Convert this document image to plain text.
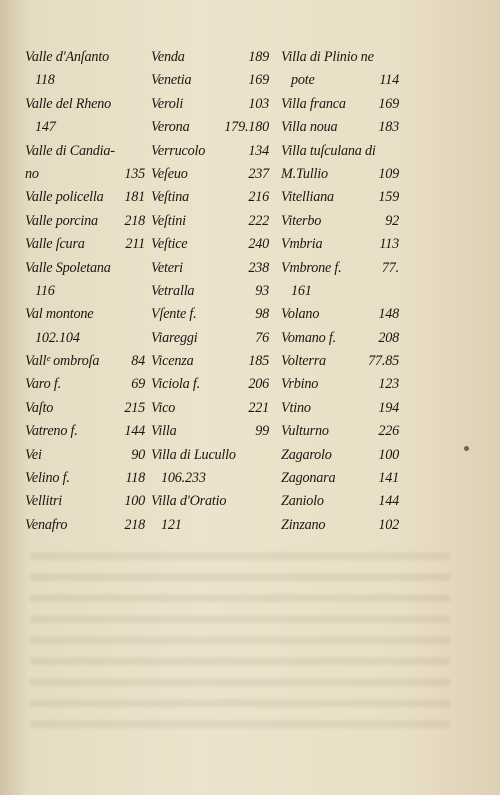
Valle d'Anſanto
118
Valle del Rheno
147
Valle di Candia-
no	135
Valle policella 181
Valle porcina 218
Valle ſcura	211
Valle Spoletana
116
Val montone
102.104
Vallᵉ ombroſa 84
Varo f.	69
Vaſto	215
Vatreno f.	144
Vei	90
Velino f.	118
Vellitri	100
Venafro	218
Venda	189
Venetia	169
Veroli	103
Verona 179.180
Verrucolo	134
Veſeuo	237
Veſtina	216
Veſtini	222
Veſtice	240
Veteri	238
Vetralla	93
Vſente f.	98
Viareggi	76
Vicenza	185
Viciola f.	206
Vico	221
Villa	99
Villa di Lucullo
106.233
Villa d'Oratio
121
Villa di Plinio ne
pote	114
Villa franca 169
Villa noua	183
Villa tuſculana di
M.Tullio	109
Vitelliana	159
Viterbo	92
Vmbria	113
Vmbrone f.	77.
161
Volano	148
Vomano f.	208
Volterra	77.85
Vrbino	123
Vtino	194
Vulturno	226
Zagarolo	100
Zagonara	141
Zaniolo	144
Zinzano	102
